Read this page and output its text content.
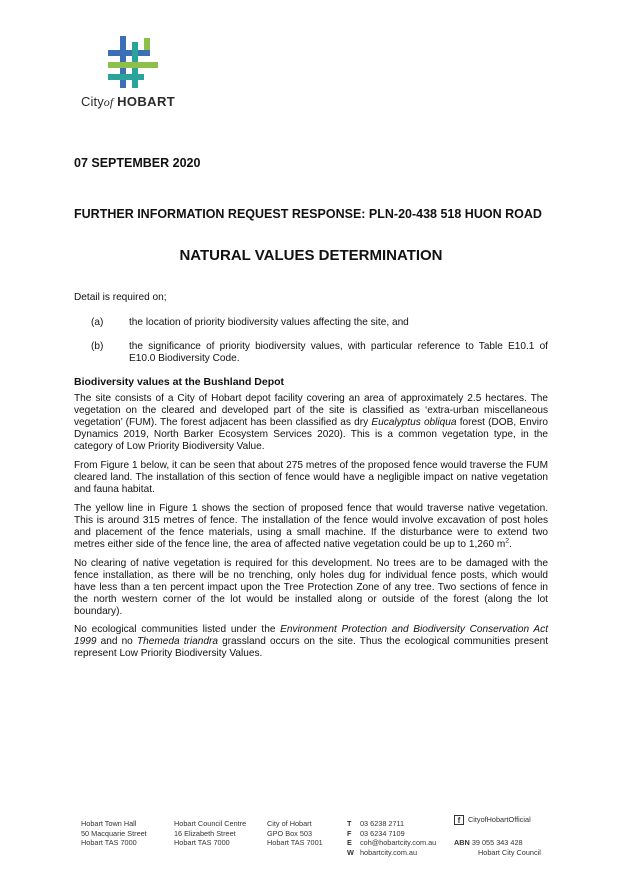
Cityof HOBART
07 SEPTEMBER 2020
FURTHER INFORMATION REQUEST RESPONSE: PLN-20-438 518 HUON ROAD
NATURAL VALUES DETERMINATION
Detail is required on;
(a)	the location of priority biodiversity values affecting the site, and
(b)	the significance of priority biodiversity values, with particular reference to Table E10.1 of E10.0 Biodiversity Code.
Biodiversity values at the Bushland Depot
The site consists of a City of Hobart depot facility covering an area of approximately 2.5 hectares. The vegetation on the cleared and developed part of the site is classified as ‘extra-urban miscellaneous vegetation’ (FUM). The forest adjacent has been classified as dry Eucalyptus obliqua forest (DOB, Enviro Dynamics 2019, North Barker Ecosystem Services 2020). This is a common vegetation type, in the category of Low Priority Biodiversity Value.
From Figure 1 below, it can be seen that about 275 metres of the proposed fence would traverse the FUM cleared land. The installation of this section of fence would have a negligible impact on native vegetation and fauna habitat.
The yellow line in Figure 1 shows the section of proposed fence that would traverse native vegetation. This is around 315 metres of fence. The installation of the fence would involve excavation of post holes and placement of the fence materials, using a small machine. If the disturbance were to extend two metres either side of the fence line, the area of affected native vegetation could be up to 1,260 $m^2$.
No clearing of native vegetation is required for this development. No trees are to be damaged with the fence installation, as there will be no trenching, only holes dug for individual fence posts, which would have less than a ten percent impact upon the Tree Protection Zone of any tree. Two sections of fence in the north western corner of the lot would be installed along or outside of the forest (along the lot boundary).
No ecological communities listed under the Environment Protection and Biodiversity Conservation Act 1999 and no Themeda triandra grassland occurs on the site. Thus the ecological communities present represent Low Priority Biodiversity Values.
Hobart Town Hall
50 Macquarie Street
Hobart TAS 7000
Hobart Council Centre
16 Elizabeth Street
Hobart TAS 7000
City of Hobart
GPO Box 503
Hobart TAS 7001
T 03 6238 2711
F 03 6234 7109
E coh@hobartcity.com.au
W hobartcity.com.au
f CityofHobartOfficial
ABN 39 055 343 428
Hobart City Council
